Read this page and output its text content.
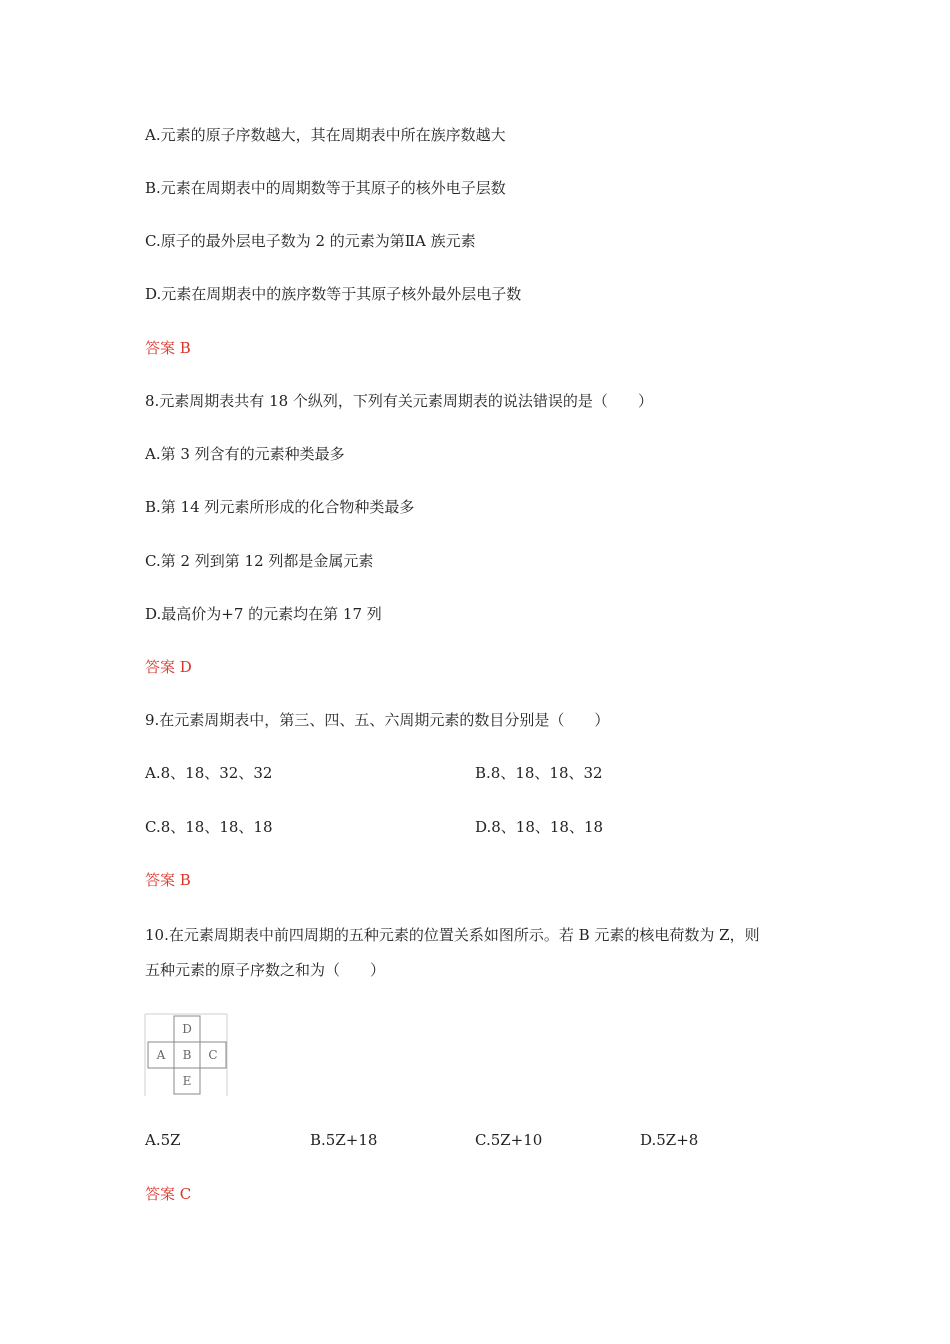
A.元素的原子序数越大，其在周期表中所在族序数越大
B.元素在周期表中的周期数等于其原子的核外电子层数
C.原子的最外层电子数为 2 的元素为第ⅡA 族元素
D.元素在周期表中的族序数等于其原子核外最外层电子数
答案 B
8.元素周期表共有 18 个纵列，下列有关元素周期表的说法错误的是（　　）
A.第 3 列含有的元素种类最多
B.第 14 列元素所形成的化合物种类最多
C.第 2 列到第 12 列都是金属元素
D.最高价为+7 的元素均在第 17 列
答案 D
9.在元素周期表中，第三、四、五、六周期元素的数目分别是（　　）
A.8、18、32、32	B.8、18、18、32
C.8、18、18、18	D.8、18、18、18
答案 B
10.在元素周期表中前四周期的五种元素的位置关系如图所示。若 B 元素的核电荷数为 Z，则
五种元素的原子序数之和为（　　）
D
A B C
E
A.5Z	B.5Z+18	C.5Z+10	D.5Z+8
答案 C
